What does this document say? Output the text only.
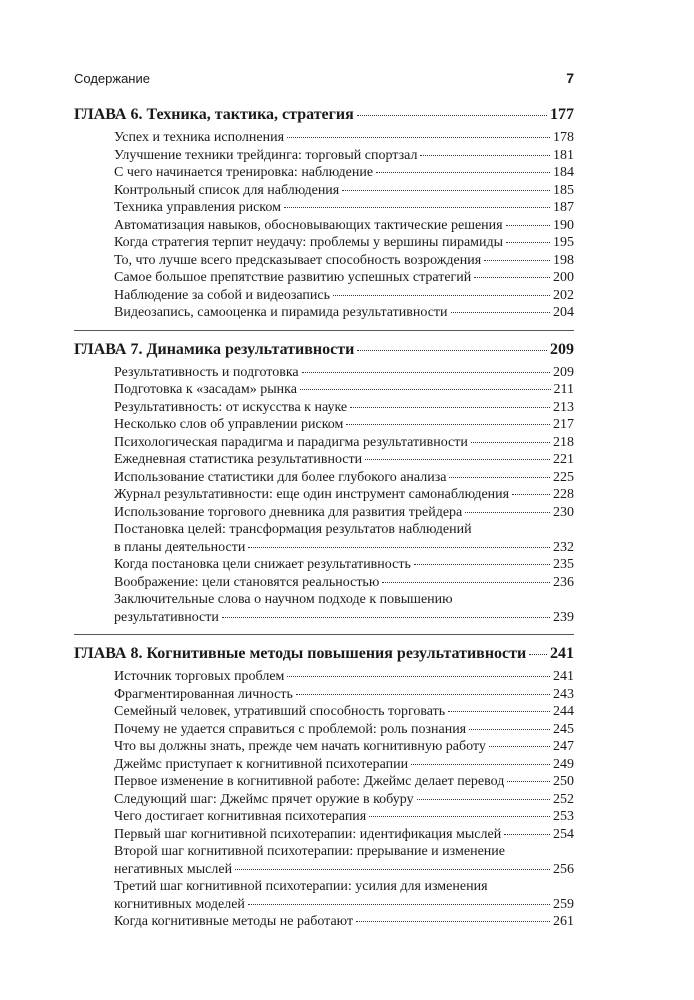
Содержание	7
ГЛАВА 6. Техника, тактика, стратегия	177
Успех и техника исполнения	178
Улучшение техники трейдинга: торговый спортзал	181
С чего начинается тренировка: наблюдение	184
Контрольный список для наблюдения	185
Техника управления риском	187
Автоматизация навыков, обосновывающих тактические решения	190
Когда стратегия терпит неудачу: проблемы у вершины пирамиды	195
То, что лучше всего предсказывает способность возрождения	198
Самое большое препятствие развитию успешных стратегий	200
Наблюдение за собой и видеозапись	202
Видеозапись, самооценка и пирамида результативности	204
ГЛАВА 7. Динамика результативности	209
Результативность и подготовка	209
Подготовка к «засадам» рынка	211
Результативность: от искусства к науке	213
Несколько слов об управлении риском	217
Психологическая парадигма и парадигма результативности	218
Ежедневная статистика результативности	221
Использование статистики для более глубокого анализа	225
Журнал результативности: еще один инструмент самонаблюдения	228
Использование торгового дневника для развития трейдера	230
Постановка целей: трансформация результатов наблюдений
в планы деятельности	232
Когда постановка цели снижает результативность	235
Воображение: цели становятся реальностью	236
Заключительные слова о научном подходе к повышению
результативности	239
ГЛАВА 8. Когнитивные методы повышения результативности 241
Источник торговых проблем	241
Фрагментированная личность	243
Семейный человек, утративший способность торговать	244
Почему не удается справиться с проблемой: роль познания	245
Что вы должны знать, прежде чем начать когнитивную работу	247
Джеймс приступает к когнитивной психотерапии	249
Первое изменение в когнитивной работе: Джеймс делает перевод	250
Следующий шаг: Джеймс прячет оружие в кобуру	252
Чего достигает когнитивная психотерапия	253
Первый шаг когнитивной психотерапии: идентификация мыслей	254
Второй шаг когнитивной психотерапии: прерывание и изменение
негативных мыслей	256
Третий шаг когнитивной психотерапии: усилия для изменения
когнитивных моделей	259
Когда когнитивные методы не работают	261
